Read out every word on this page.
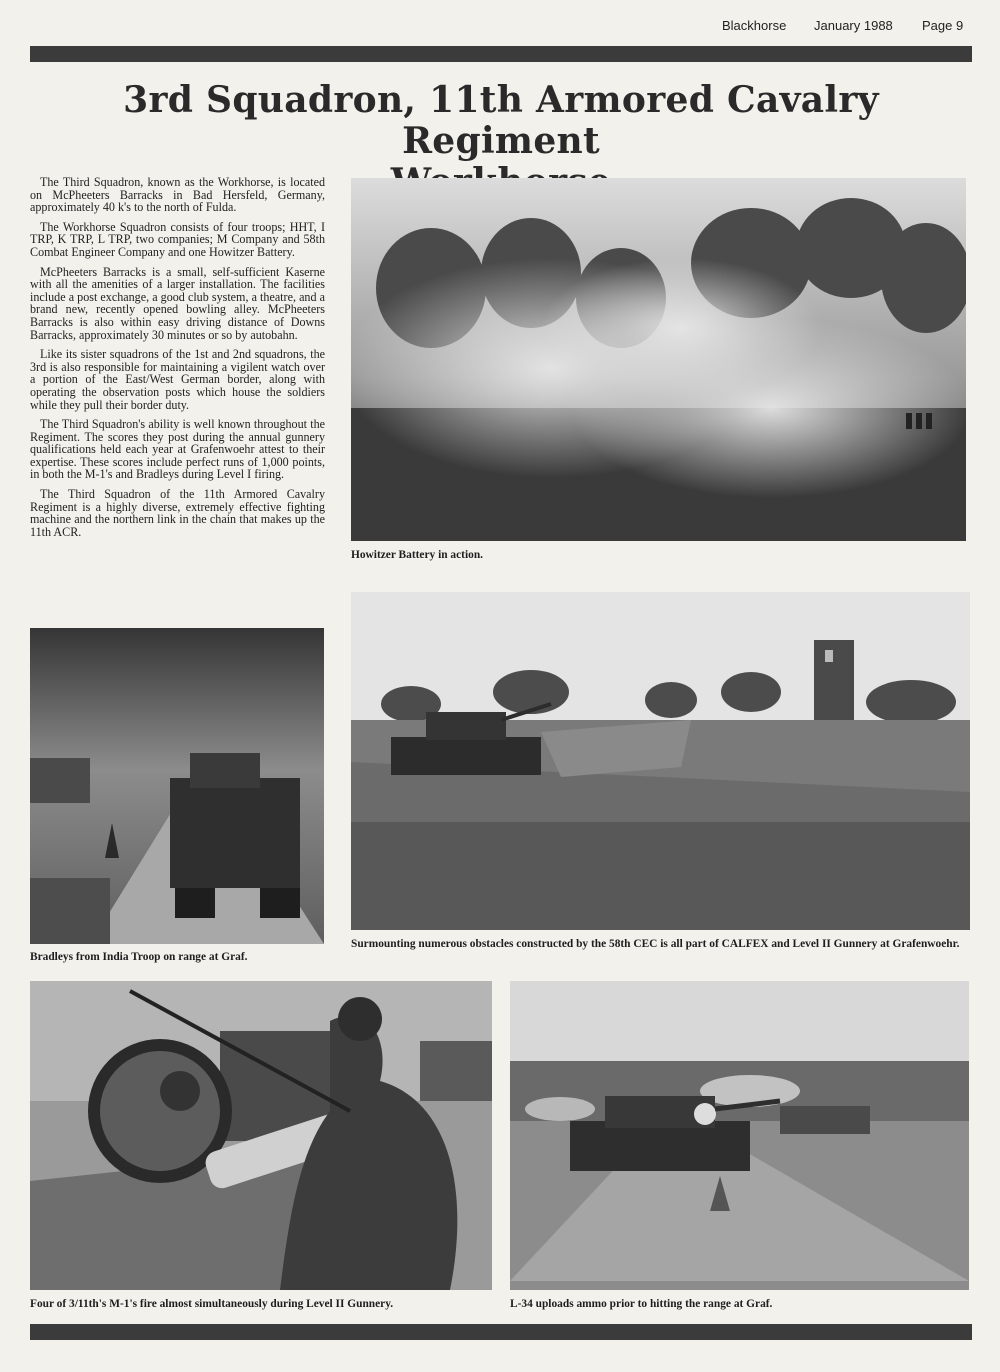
Blackhorse January 1988 Page 9
3rd Squadron, 11th Armored Cavalry Regiment

The Third Squadron, known as the Workhorse, is located on McPheeters Barracks in Bad Hersfeld, Germany, approximately 40 k's to the north of Fulda.

The Workhorse Squadron consists of four troops; HHT, I TRP, K TRP, L TRP, two companies; M Company and 58th Combat Engineer Company and one Howitzer Battery.

McPheeters Barracks is a small, self-sufficient Kaserne with all the amenities of a larger installation. The facilities include a post exchange, a good club system, a theatre, and a brand new, recently opened bowling alley. McPheeters Barracks is also within easy driving distance of Downs Barracks, approximately 30 minutes or so by autobahn.

Like its sister squadrons of the 1st and 2nd squadrons, the 3rd is also responsible for maintaining a vigilent watch over a portion of the East/West German border, along with operating the observation posts which house the soldiers while they pull their border duty.

The Third Squadron's ability is well known throughout the Regiment. The scores they post during the annual gunnery qualifications held each year at Grafenwoehr attest to their expertise. These scores include perfect runs of 1,000 points, in both the M-1's and Bradleys during Level I firing.

The Third Squadron of the 11th Armored Cavalry Regiment is a highly diverse, extremely effective fighting machine and the northern link in the chain that makes up the 11th ACR.

Howitzer Battery in action.
Bradleys from India Troop on range at Graf.
Surmounting numerous obstacles constructed by the 58th CEC is all part of CALFEX and Level II Gunnery at Grafenwoehr.
Four of 3/11th's M-1's fire almost simultaneously during Level II Gunnery.	L-34 uploads ammo prior to hitting the range at Graf.
